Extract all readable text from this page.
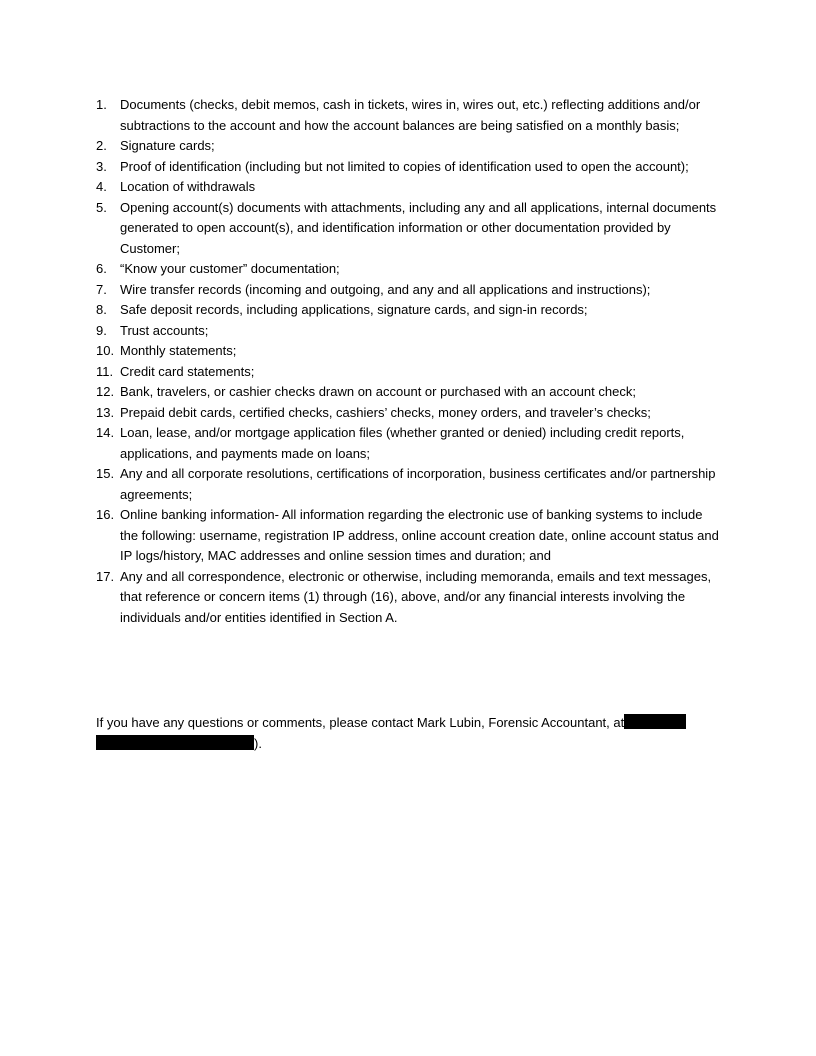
1. Documents (checks, debit memos, cash in tickets, wires in, wires out, etc.) reflecting additions and/or subtractions to the account and how the account balances are being satisfied on a monthly basis;
2. Signature cards;
3. Proof of identification (including but not limited to copies of identification used to open the account);
4. Location of withdrawals
5. Opening account(s) documents with attachments, including any and all applications, internal documents generated to open account(s), and identification information or other documentation provided by Customer;
6. “Know your customer” documentation;
7. Wire transfer records (incoming and outgoing, and any and all applications and instructions);
8. Safe deposit records, including applications, signature cards, and sign-in records;
9. Trust accounts;
10. Monthly statements;
11. Credit card statements;
12. Bank, travelers, or cashier checks drawn on account or purchased with an account check;
13. Prepaid debit cards, certified checks, cashiers’ checks, money orders, and traveler’s checks;
14. Loan, lease, and/or mortgage application files (whether granted or denied) including credit reports, applications, and payments made on loans;
15. Any and all corporate resolutions, certifications of incorporation, business certificates and/or partnership agreements;
16. Online banking information- All information regarding the electronic use of banking systems to include the following: username, registration IP address, online account creation date, online account status and IP logs/history, MAC addresses and online session times and duration; and
17. Any and all correspondence, electronic or otherwise, including memoranda, emails and text messages, that reference or concern items (1) through (16), above, and/or any financial interests involving the individuals and/or entities identified in Section A.

If you have any questions or comments, please contact Mark Lubin, Forensic Accountant, at
).
